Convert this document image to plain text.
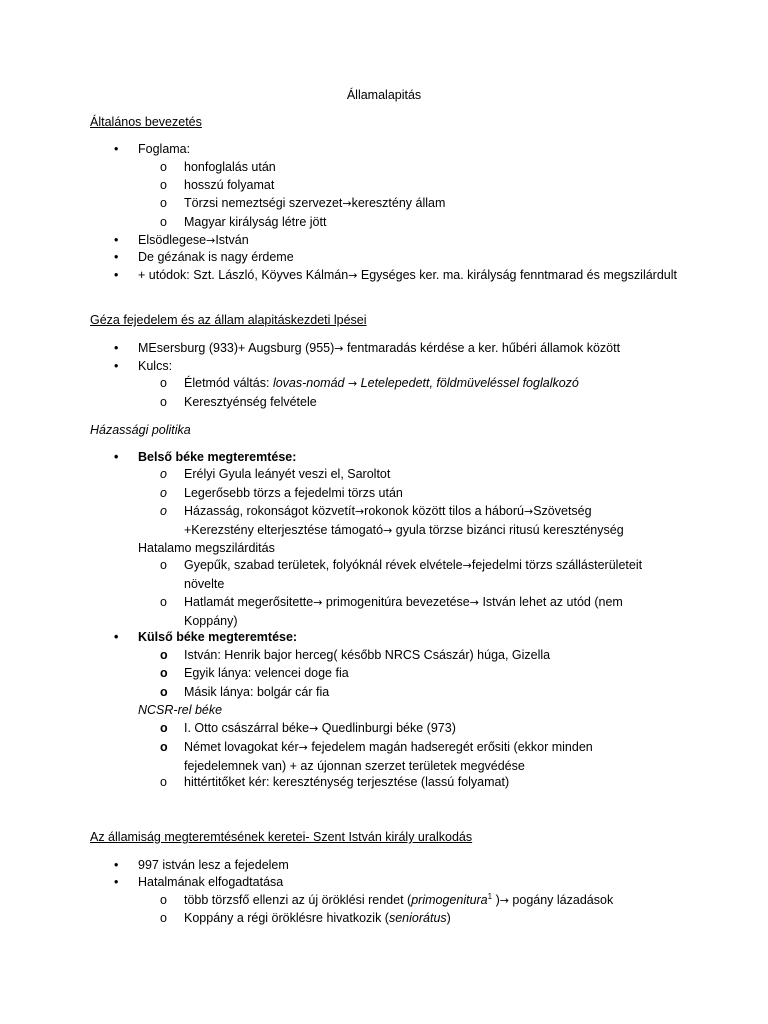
Államalapitás
Általános bevezetés
• Foglama:
o honfoglalás után
o hosszú folyamat
o Törzsi nemeztségi szervezet→keresztény állam
o Magyar királyság létre jött
• Elsödlegese→István
• De gézának is nagy érdeme
• + utódok: Szt. László, Köyves Kálmán→ Egységes ker. ma. királyság fenntmarad és megszilárdult
Géza fejedelem és az állam alapitáskezdeti lpései
• MEsersburg (933)+ Augsburg (955)→ fentmaradás kérdése a ker. hűbéri államok között
• Kulcs:
o Életmód váltás: lovas-nomád → Letelepedett, földmüveléssel foglalkozó
o Keresztyénség felvétele
Házassági politika
• Belső béke megteremtése:
o Erélyi Gyula leányét veszi el, Saroltot
o Legerősebb törzs a fejedelmi törzs után
o Házasság, rokonságot közvetít→rokonok között tilos a háború→Szövetség +Kerezstény elterjesztése támogató→ gyula törzse bizánci ritusú kereszténység
Hatalamo megszilárditás
o Gyepűk, szabad területek, folyóknál révek elvétele→fejedelmi törzs szállásterületeit növelte
o Hatlamát megerősitette→ primogenitúra bevezetése→ István lehet az utód (nem Koppány)
• Külső béke megteremtése:
o István: Henrik bajor herceg( később NRCS Császár) húga, Gizella
o Egyik lánya: velencei doge fia
o Másik lánya: bolgár cár fia
NCSR-rel béke
o I. Otto császárral béke→ Quedlinburgi béke (973)
o Német lovagokat kér→ fejedelem magán hadseregét erősiti (ekkor minden fejedelemnek van) + az újonnan szerzet területek megvédése
o hittértitőket kér: kereszténység terjesztése (lassú folyamat)
Az államiság megteremtésének keretei- Szent István király uralkodás
• 997 istván lesz a fejedelem
• Hatalmának elfogadtatása
o több törzsfő ellenzi az új öröklési rendet (primogenitura$^1$ )→ pogány lázadások
o Koppány a régi öröklésre hivatkozik (seniorátus)
